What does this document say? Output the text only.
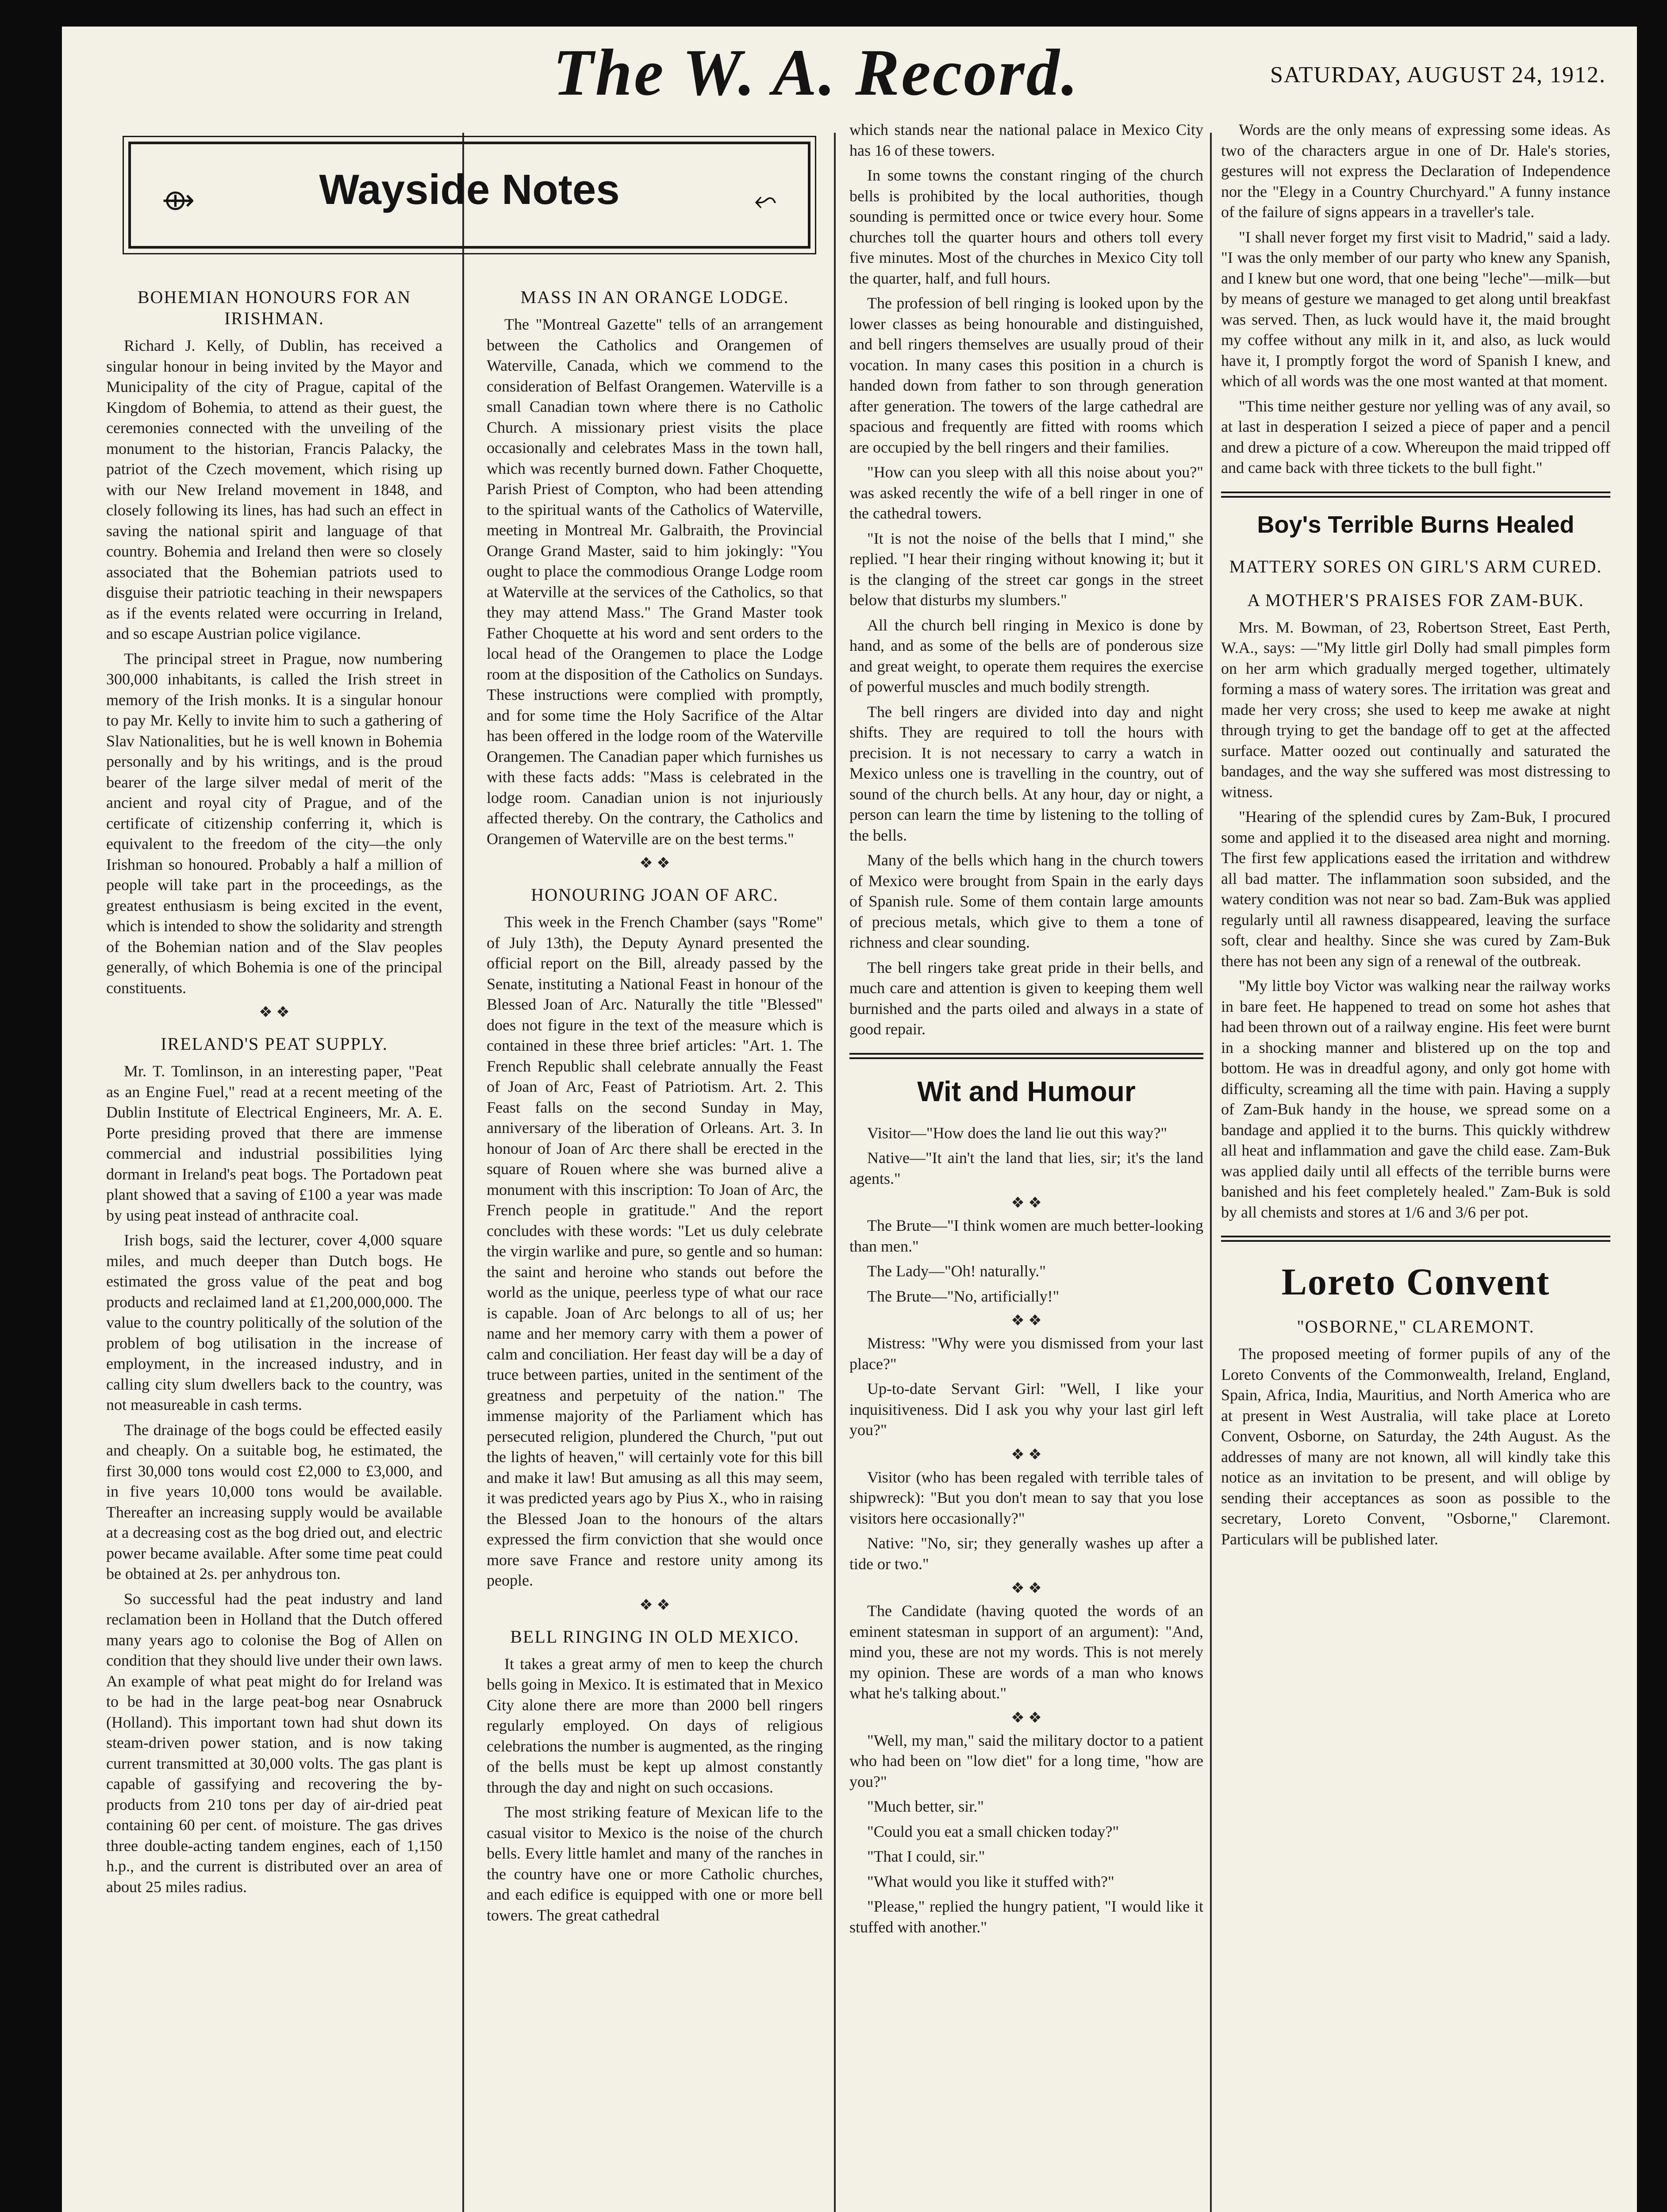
The W. A. Record.	SATURDAY, AUGUST 24, 1912.
⟴	Wayside Notes	⬿
BOHEMIAN HONOURS FOR AN IRISHMAN.

Richard J. Kelly, of Dublin, has received a singular honour in being invited by the Mayor and Municipality of the city of Prague, capital of the Kingdom of Bohemia, to attend as their guest, the ceremonies connected with the unveiling of the monument to the historian, Francis Palacky, the patriot of the Czech movement, which rising up with our New Ireland movement in 1848, and closely following its lines, has had such an effect in saving the national spirit and language of that country. Bohemia and Ireland then were so closely associated that the Bohemian patriots used to disguise their patriotic teaching in their newspapers as if the events related were occurring in Ireland, and so escape Austrian police vigilance.

The principal street in Prague, now numbering 300,000 inhabitants, is called the Irish street in memory of the Irish monks. It is a singular honour to pay Mr. Kelly to invite him to such a gathering of Slav Nationalities, but he is well known in Bohemia personally and by his writings, and is the proud bearer of the large silver medal of merit of the ancient and royal city of Prague, and of the certificate of citizenship conferring it, which is equivalent to the freedom of the city—the only Irishman so honoured. Probably a half a million of people will take part in the proceedings, as the greatest enthusiasm is being excited in the event, which is intended to show the solidarity and strength of the Bohemian nation and of the Slav peoples generally, of which Bohemia is one of the principal constituents.

❖ ❖
IRELAND'S PEAT SUPPLY.

Mr. T. Tomlinson, in an interesting paper, "Peat as an Engine Fuel," read at a recent meeting of the Dublin Institute of Electrical Engineers, Mr. A. E. Porte presiding proved that there are immense commercial and industrial possibilities lying dormant in Ireland's peat bogs. The Portadown peat plant showed that a saving of £100 a year was made by using peat instead of anthracite coal.

Irish bogs, said the lecturer, cover 4,000 square miles, and much deeper than Dutch bogs. He estimated the gross value of the peat and bog products and reclaimed land at £1,200,000,000. The value to the country politically of the solution of the problem of bog utilisation in the increase of employment, in the increased industry, and in calling city slum dwellers back to the country, was not measureable in cash terms.

The drainage of the bogs could be effected easily and cheaply. On a suitable bog, he estimated, the first 30,000 tons would cost £2,000 to £3,000, and in five years 10,000 tons would be available. Thereafter an increasing supply would be available at a decreasing cost as the bog dried out, and electric power became available. After some time peat could be obtained at 2s. per anhydrous ton.

So successful had the peat industry and land reclamation been in Holland that the Dutch offered many years ago to colonise the Bog of Allen on condition that they should live under their own laws. An example of what peat might do for Ireland was to be had in the large peat-bog near Osnabruck (Holland). This important town had shut down its steam-driven power station, and is now taking current transmitted at 30,000 volts. The gas plant is capable of gassifying and recovering the by-products from 210 tons per day of air-dried peat containing 60 per cent. of moisture. The gas drives three double-acting tandem engines, each of 1,150 h.p., and the current is distributed over an area of about 25 miles radius.

MASS IN AN ORANGE LODGE.

The "Montreal Gazette" tells of an arrangement between the Catholics and Orangemen of Waterville, Canada, which we commend to the consideration of Belfast Orangemen. Waterville is a small Canadian town where there is no Catholic Church. A missionary priest visits the place occasionally and celebrates Mass in the town hall, which was recently burned down. Father Choquette, Parish Priest of Compton, who had been attending to the spiritual wants of the Catholics of Waterville, meeting in Montreal Mr. Galbraith, the Provincial Orange Grand Master, said to him jokingly: "You ought to place the commodious Orange Lodge room at Waterville at the services of the Catholics, so that they may attend Mass." The Grand Master took Father Choquette at his word and sent orders to the local head of the Orangemen to place the Lodge room at the disposition of the Catholics on Sundays. These instructions were complied with promptly, and for some time the Holy Sacrifice of the Altar has been offered in the lodge room of the Waterville Orangemen. The Canadian paper which furnishes us with these facts adds: "Mass is celebrated in the lodge room. Canadian union is not injuriously affected thereby. On the contrary, the Catholics and Orangemen of Waterville are on the best terms."

❖ ❖
HONOURING JOAN OF ARC.

This week in the French Chamber (says "Rome" of July 13th), the Deputy Aynard presented the official report on the Bill, already passed by the Senate, instituting a National Feast in honour of the Blessed Joan of Arc. Naturally the title "Blessed" does not figure in the text of the measure which is contained in these three brief articles: "Art. 1. The French Republic shall celebrate annually the Feast of Joan of Arc, Feast of Patriotism. Art. 2. This Feast falls on the second Sunday in May, anniversary of the liberation of Orleans. Art. 3. In honour of Joan of Arc there shall be erected in the square of Rouen where she was burned alive a monument with this inscription: To Joan of Arc, the French people in gratitude." And the report concludes with these words: "Let us duly celebrate the virgin warlike and pure, so gentle and so human: the saint and heroine who stands out before the world as the unique, peerless type of what our race is capable. Joan of Arc belongs to all of us; her name and her memory carry with them a power of calm and conciliation. Her feast day will be a day of truce between parties, united in the sentiment of the greatness and perpetuity of the nation." The immense majority of the Parliament which has persecuted religion, plundered the Church, "put out the lights of heaven," will certainly vote for this bill and make it law! But amusing as all this may seem, it was predicted years ago by Pius X., who in raising the Blessed Joan to the honours of the altars expressed the firm conviction that she would once more save France and restore unity among its people.

❖ ❖
BELL RINGING IN OLD MEXICO.

It takes a great army of men to keep the church bells going in Mexico. It is estimated that in Mexico City alone there are more than 2000 bell ringers regularly employed. On days of religious celebrations the number is augmented, as the ringing of the bells must be kept up almost constantly through the day and night on such occasions.

The most striking feature of Mexican life to the casual visitor to Mexico is the noise of the church bells. Every little hamlet and many of the ranches in the country have one or more Catholic churches, and each edifice is equipped with one or more bell towers. The great cathedral

which stands near the national palace in Mexico City has 16 of these towers.

In some towns the constant ringing of the church bells is prohibited by the local authorities, though sounding is permitted once or twice every hour. Some churches toll the quarter hours and others toll every five minutes. Most of the churches in Mexico City toll the quarter, half, and full hours.

The profession of bell ringing is looked upon by the lower classes as being honourable and distinguished, and bell ringers themselves are usually proud of their vocation. In many cases this position in a church is handed down from father to son through generation after generation. The towers of the large cathedral are spacious and frequently are fitted with rooms which are occupied by the bell ringers and their families.

"How can you sleep with all this noise about you?" was asked recently the wife of a bell ringer in one of the cathedral towers.

"It is not the noise of the bells that I mind," she replied. "I hear their ringing without knowing it; but it is the clanging of the street car gongs in the street below that disturbs my slumbers."

All the church bell ringing in Mexico is done by hand, and as some of the bells are of ponderous size and great weight, to operate them requires the exercise of powerful muscles and much bodily strength.

The bell ringers are divided into day and night shifts. They are required to toll the hours with precision. It is not necessary to carry a watch in Mexico unless one is travelling in the country, out of sound of the church bells. At any hour, day or night, a person can learn the time by listening to the tolling of the bells.

Many of the bells which hang in the church towers of Mexico were brought from Spain in the early days of Spanish rule. Some of them contain large amounts of precious metals, which give to them a tone of richness and clear sounding.

The bell ringers take great pride in their bells, and much care and attention is given to keeping them well burnished and the parts oiled and always in a state of good repair.

Wit and Humour

Visitor—"How does the land lie out this way?"

Native—"It ain't the land that lies, sir; it's the land agents."

❖ ❖

The Brute—"I think women are much better-looking than men."

The Lady—"Oh! naturally."

The Brute—"No, artificially!"

❖ ❖

Mistress: "Why were you dismissed from your last place?"

Up-to-date Servant Girl: "Well, I like your inquisitiveness. Did I ask you why your last girl left you?"

❖ ❖

Visitor (who has been regaled with terrible tales of shipwreck): "But you don't mean to say that you lose visitors here occasionally?"

Native: "No, sir; they generally washes up after a tide or two."

❖ ❖

The Candidate (having quoted the words of an eminent statesman in support of an argument): "And, mind you, these are not my words. This is not merely my opinion. These are words of a man who knows what he's talking about."

❖ ❖

"Well, my man," said the military doctor to a patient who had been on "low diet" for a long time, "how are you?"

"Much better, sir."

"Could you eat a small chicken today?"

"That I could, sir."

"What would you like it stuffed with?"

"Please," replied the hungry patient, "I would like it stuffed with another."

Words are the only means of expressing some ideas. As two of the characters argue in one of Dr. Hale's stories, gestures will not express the Declaration of Independence nor the "Elegy in a Country Churchyard." A funny instance of the failure of signs appears in a traveller's tale.

"I shall never forget my first visit to Madrid," said a lady. "I was the only member of our party who knew any Spanish, and I knew but one word, that one being "leche"—milk—but by means of gesture we managed to get along until breakfast was served. Then, as luck would have it, the maid brought my coffee without any milk in it, and also, as luck would have it, I promptly forgot the word of Spanish I knew, and which of all words was the one most wanted at that moment.

"This time neither gesture nor yelling was of any avail, so at last in desperation I seized a piece of paper and a pencil and drew a picture of a cow. Whereupon the maid tripped off and came back with three tickets to the bull fight."

Boy's Terrible Burns Healed
MATTERY SORES ON GIRL'S ARM CURED.
A MOTHER'S PRAISES FOR ZAM-BUK.

Mrs. M. Bowman, of 23, Robertson Street, East Perth, W.A., says: —"My little girl Dolly had small pimples form on her arm which gradually merged together, ultimately forming a mass of watery sores. The irritation was great and made her very cross; she used to keep me awake at night through trying to get the bandage off to get at the affected surface. Matter oozed out continually and saturated the bandages, and the way she suffered was most distressing to witness.

"Hearing of the splendid cures by Zam-Buk, I procured some and applied it to the diseased area night and morning. The first few applications eased the irritation and withdrew all bad matter. The inflammation soon subsided, and the watery condition was not near so bad. Zam-Buk was applied regularly until all rawness disappeared, leaving the surface soft, clear and healthy. Since she was cured by Zam-Buk there has not been any sign of a renewal of the outbreak.

"My little boy Victor was walking near the railway works in bare feet. He happened to tread on some hot ashes that had been thrown out of a railway engine. His feet were burnt in a shocking manner and blistered up on the top and bottom. He was in dreadful agony, and only got home with difficulty, screaming all the time with pain. Having a supply of Zam-Buk handy in the house, we spread some on a bandage and applied it to the burns. This quickly withdrew all heat and inflammation and gave the child ease. Zam-Buk was applied daily until all effects of the terrible burns were banished and his feet completely healed." Zam-Buk is sold by all chemists and stores at 1/6 and 3/6 per pot.

Loreto Convent
"OSBORNE," CLAREMONT.

The proposed meeting of former pupils of any of the Loreto Convents of the Commonwealth, Ireland, England, Spain, Africa, India, Mauritius, and North America who are at present in West Australia, will take place at Loreto Convent, Osborne, on Saturday, the 24th August. As the addresses of many are not known, all will kindly take this notice as an invitation to be present, and will oblige by sending their acceptances as soon as possible to the secretary, Loreto Convent, "Osborne," Claremont. Particulars will be published later.
